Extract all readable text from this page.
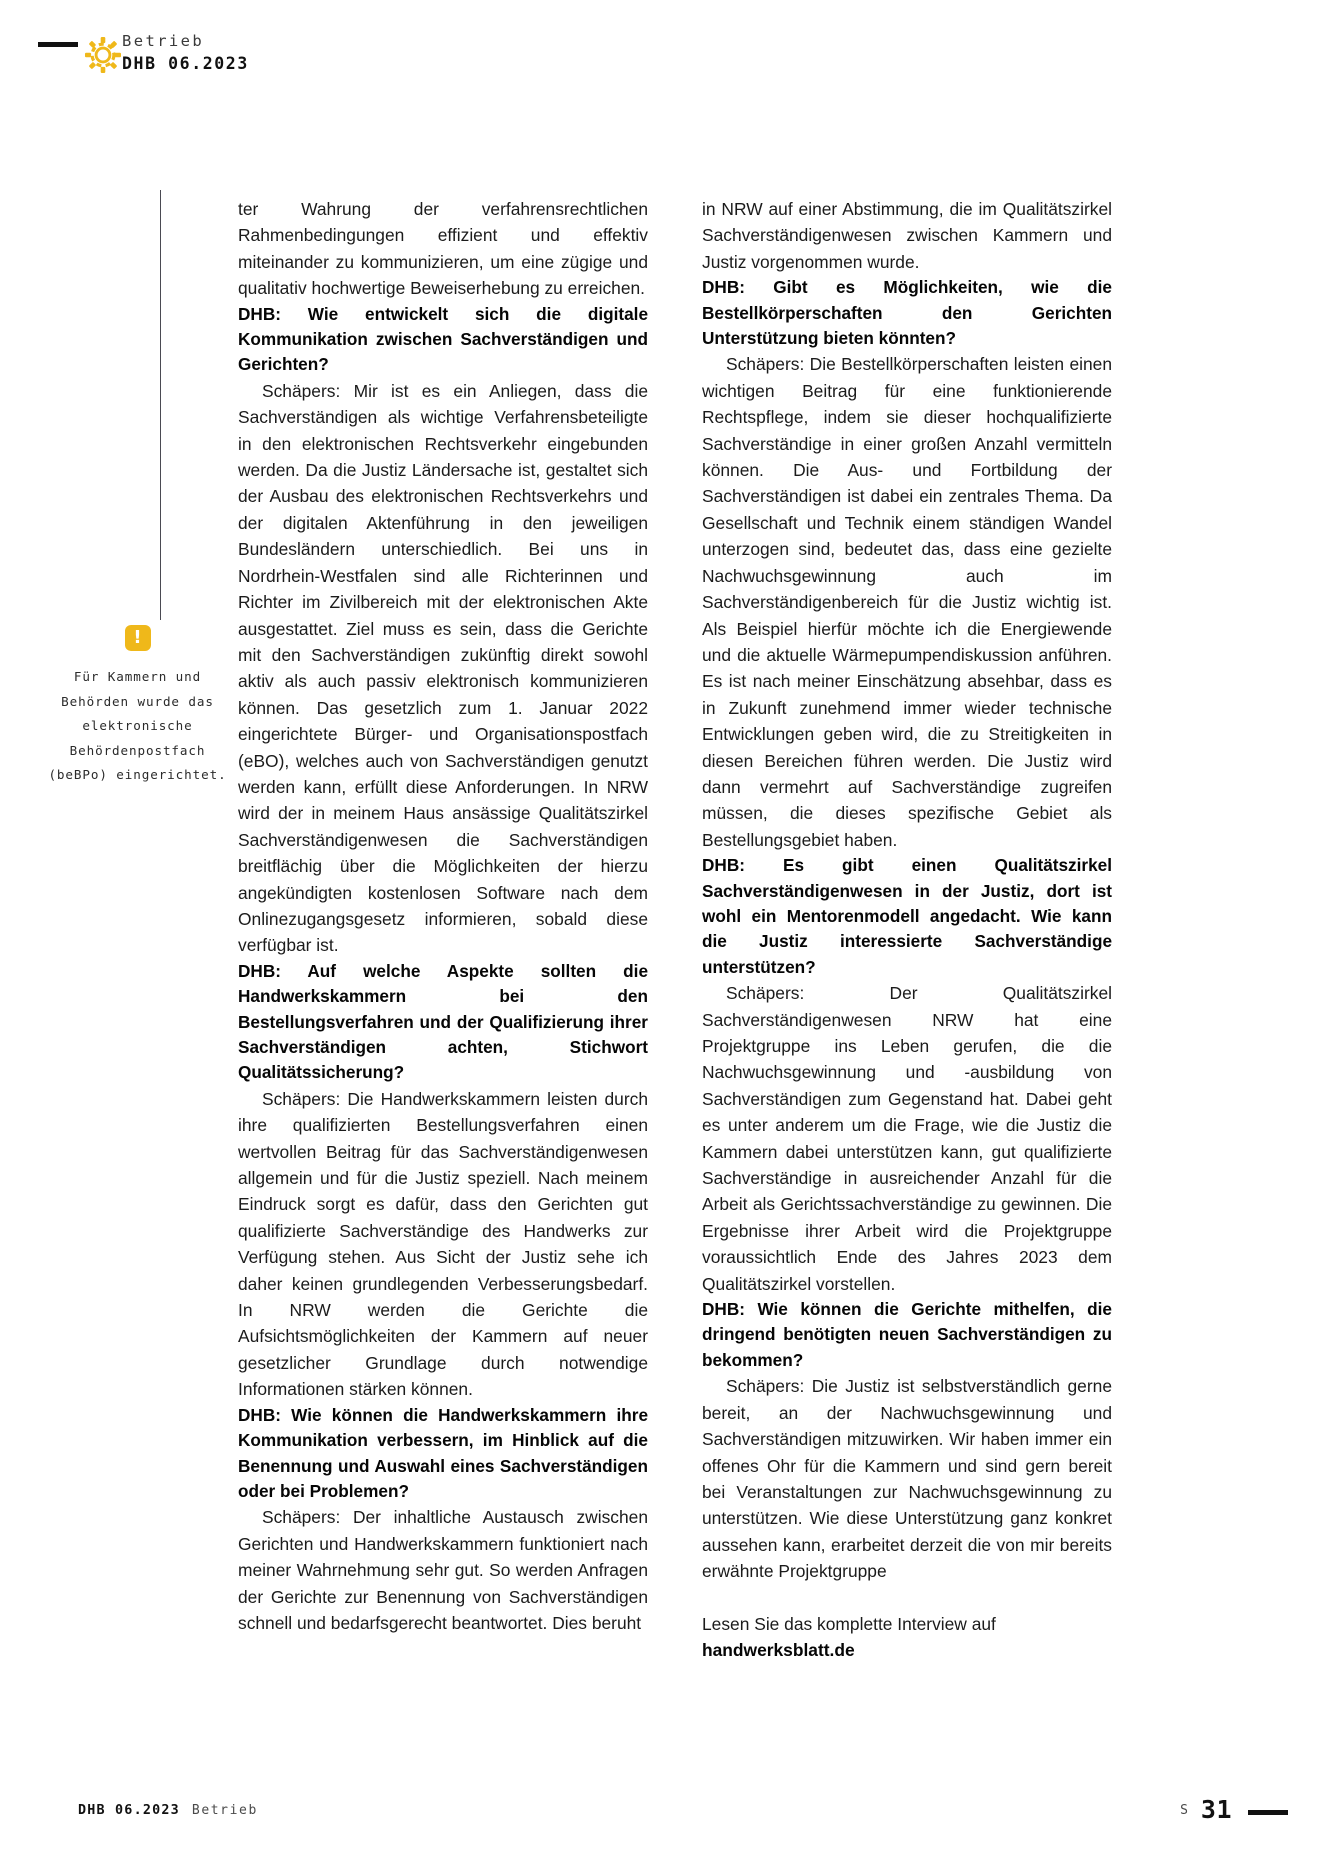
Betrieb
DHB 06.2023
!
Für Kammern und Behörden wurde das elektronische Behördenpostfach (beBPo) eingerichtet.

ter Wahrung der verfahrensrechtlichen Rahmenbedingungen effizient und effektiv miteinander zu kommunizieren, um eine zügige und qualitativ hochwertige Beweiserhebung zu erreichen.

DHB: Wie entwickelt sich die digitale Kommunikation zwischen Sachverständigen und Gerichten?

Schäpers: Mir ist es ein Anliegen, dass die Sachverständigen als wichtige Verfahrensbeteiligte in den elektronischen Rechtsverkehr eingebunden werden. Da die Justiz Ländersache ist, gestaltet sich der Ausbau des elektronischen Rechtsverkehrs und der digitalen Aktenführung in den jeweiligen Bundesländern unterschiedlich. Bei uns in Nordrhein-Westfalen sind alle Richterinnen und Richter im Zivilbereich mit der elektronischen Akte ausgestattet. Ziel muss es sein, dass die Gerichte mit den Sachverständigen zukünftig direkt sowohl aktiv als auch passiv elektronisch kommunizieren können. Das gesetzlich zum 1. Januar 2022 eingerichtete Bürger- und Organisationspostfach (eBO), welches auch von Sachverständigen genutzt werden kann, erfüllt diese Anforderungen. In NRW wird der in meinem Haus ansässige Qualitätszirkel Sachverständigenwesen die Sachverständigen breitflächig über die Möglichkeiten der hierzu angekündigten kostenlosen Software nach dem Onlinezugangsgesetz informieren, sobald diese verfügbar ist.

DHB: Auf welche Aspekte sollten die Handwerkskammern bei den Bestellungsverfahren und der Qualifizierung ihrer Sachverständigen achten, Stichwort Qualitätssicherung?

Schäpers: Die Handwerkskammern leisten durch ihre qualifizierten Bestellungsverfahren einen wertvollen Beitrag für das Sachverständigenwesen allgemein und für die Justiz speziell. Nach meinem Eindruck sorgt es dafür, dass den Gerichten gut qualifizierte Sachverständige des Handwerks zur Verfügung stehen. Aus Sicht der Justiz sehe ich daher keinen grundlegenden Verbesserungsbedarf. In NRW werden die Gerichte die Aufsichtsmöglichkeiten der Kammern auf neuer gesetzlicher Grundlage durch notwendige Informationen stärken können.

DHB: Wie können die Handwerkskammern ihre Kommunikation verbessern, im Hinblick auf die Benennung und Auswahl eines Sachverständigen oder bei Problemen?

Schäpers: Der inhaltliche Austausch zwischen Gerichten und Handwerkskammern funktioniert nach meiner Wahrnehmung sehr gut. So werden Anfragen der Gerichte zur Benennung von Sachverständigen schnell und bedarfsgerecht beantwortet. Dies beruht

in NRW auf einer Abstimmung, die im Qualitätszirkel Sachverständigenwesen zwischen Kammern und Justiz vorgenommen wurde.

DHB: Gibt es Möglichkeiten, wie die Bestellkörperschaften den Gerichten Unterstützung bieten könnten?

Schäpers: Die Bestellkörperschaften leisten einen wichtigen Beitrag für eine funktionierende Rechtspflege, indem sie dieser hochqualifizierte Sachverständige in einer großen Anzahl vermitteln können. Die Aus- und Fortbildung der Sachverständigen ist dabei ein zentrales Thema. Da Gesellschaft und Technik einem ständigen Wandel unterzogen sind, bedeutet das, dass eine gezielte Nachwuchsgewinnung auch im Sachverständigenbereich für die Justiz wichtig ist. Als Beispiel hierfür möchte ich die Energiewende und die aktuelle Wärmepumpendiskussion anführen. Es ist nach meiner Einschätzung absehbar, dass es in Zukunft zunehmend immer wieder technische Entwicklungen geben wird, die zu Streitigkeiten in diesen Bereichen führen werden. Die Justiz wird dann vermehrt auf Sachverständige zugreifen müssen, die dieses spezifische Gebiet als Bestellungsgebiet haben.

DHB: Es gibt einen Qualitätszirkel Sachverständigenwesen in der Justiz, dort ist wohl ein Mentorenmodell angedacht. Wie kann die Justiz interessierte Sachverständige unterstützen?

Schäpers: Der Qualitätszirkel Sachverständigenwesen NRW hat eine Projektgruppe ins Leben gerufen, die die Nachwuchsgewinnung und -ausbildung von Sachverständigen zum Gegenstand hat. Dabei geht es unter anderem um die Frage, wie die Justiz die Kammern dabei unterstützen kann, gut qualifizierte Sachverständige in ausreichender Anzahl für die Arbeit als Gerichtssachverständige zu gewinnen. Die Ergebnisse ihrer Arbeit wird die Projektgruppe voraussichtlich Ende des Jahres 2023 dem Qualitätszirkel vorstellen.

DHB: Wie können die Gerichte mithelfen, die dringend benötigten neuen Sachverständigen zu bekommen?

Schäpers: Die Justiz ist selbstverständlich gerne bereit, an der Nachwuchsgewinnung und Sachverständigen mitzuwirken. Wir haben immer ein offenes Ohr für die Kammern und sind gern bereit bei Veranstaltungen zur Nachwuchsgewinnung zu unterstützen. Wie diese Unterstützung ganz konkret aussehen kann, erarbeitet derzeit die von mir bereits erwähnte Projektgruppe

Lesen Sie das komplette Interview auf handwerksblatt.de

DHB 06.2023 Betrieb	S 31
